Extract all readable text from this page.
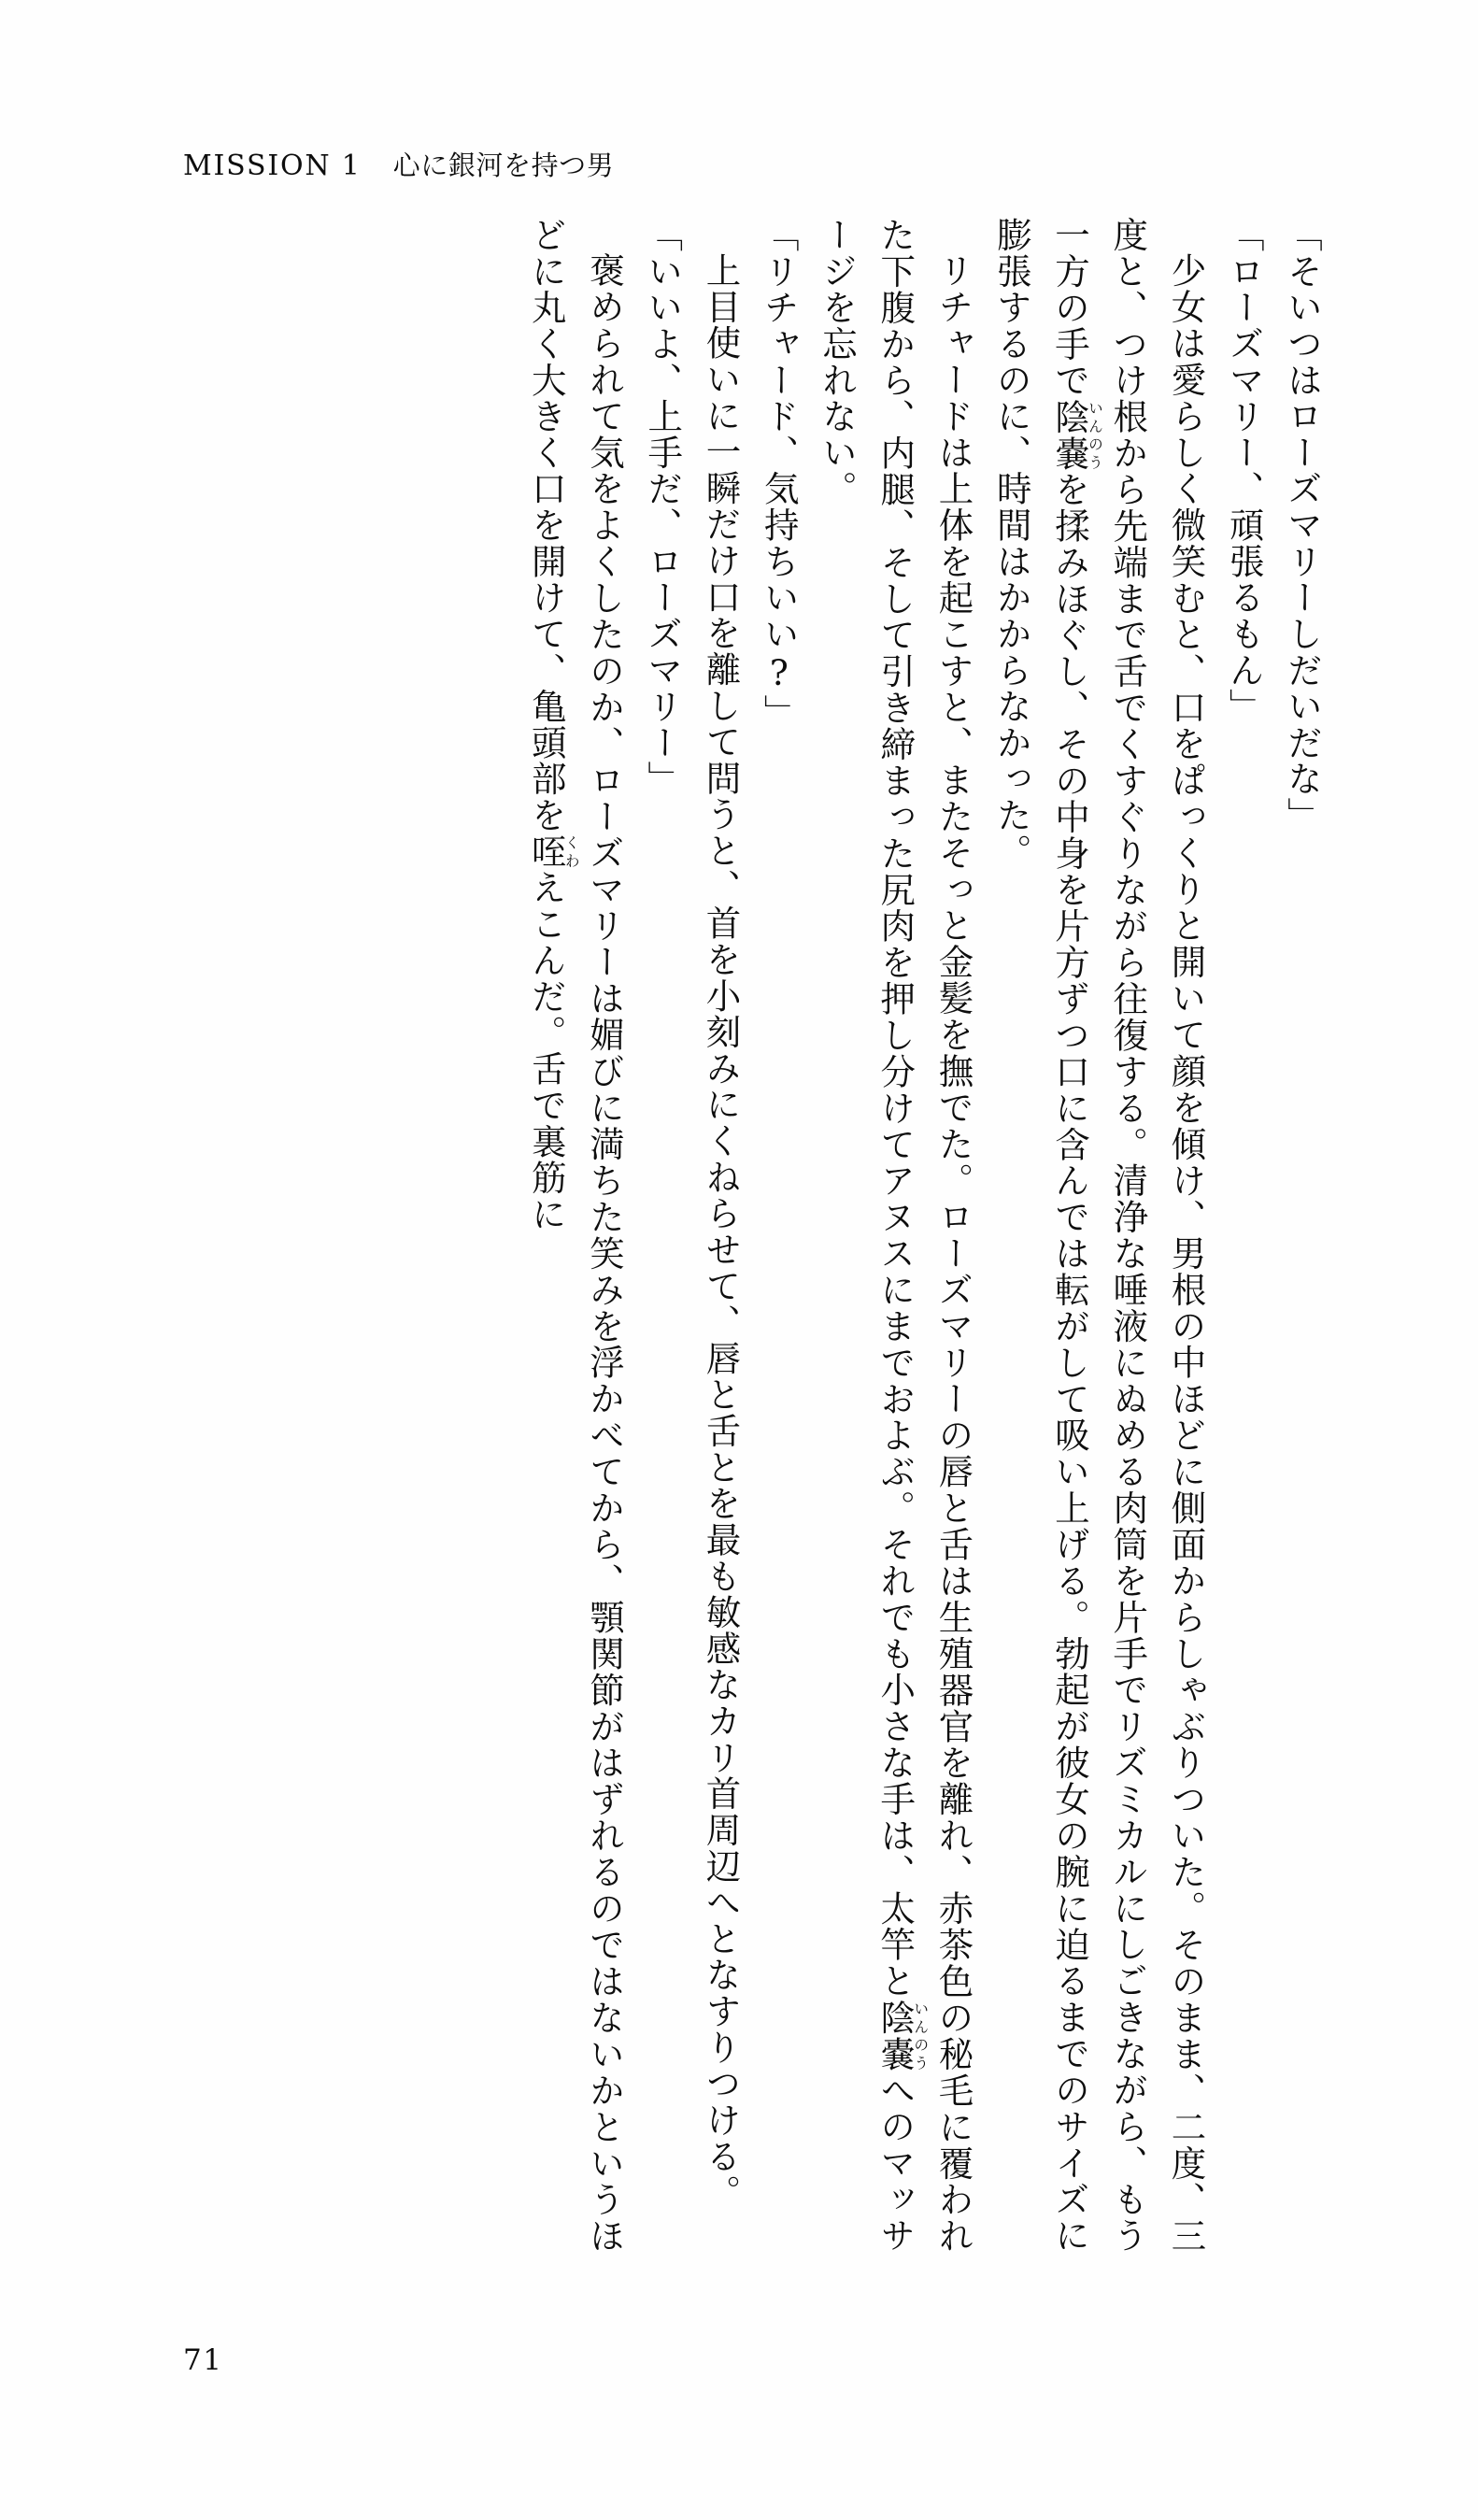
MISSION 1 心に銀河を持つ男

「そいつはローズマリーしだいだな」

「ローズマリー、頑張るもん」

少女は愛らしく微笑むと、口をぱっくりと開いて顔を傾け、男根の中ほどに側面からしゃぶりついた。そのまま、二度、三度と、つけ根から先端まで舌でくすぐりながら往復する。清浄な唾液にぬめる肉筒を片手でリズミカルにしごきながら、もう一方の手で陰嚢いんのうを揉みほぐし、その中身を片方ずつ口に含んでは転がして吸い上げる。勃起が彼女の腕に迫るまでのサイズに膨張するのに、時間はかからなかった。

リチャードは上体を起こすと、またそっと金髪を撫でた。ローズマリーの唇と舌は生殖器官を離れ、赤茶色の秘毛に覆われた下腹から、内腿、そして引き締まった尻肉を押し分けてアヌスにまでおよぶ。それでも小さな手は、太竿と陰嚢いんのうへのマッサージを忘れない。

「リチャード、気持ちいい?」

上目使いに一瞬だけ口を離して問うと、首を小刻みにくねらせて、唇と舌とを最も敏感なカリ首周辺へとなすりつける。

「いいよ、上手だ、ローズマリー」

褒められて気をよくしたのか、ローズマリーは媚びに満ちた笑みを浮かべてから、顎関節がはずれるのではないかというほどに丸く大きく口を開けて、亀頭部を咥くわえこんだ。舌で裏筋に

71
